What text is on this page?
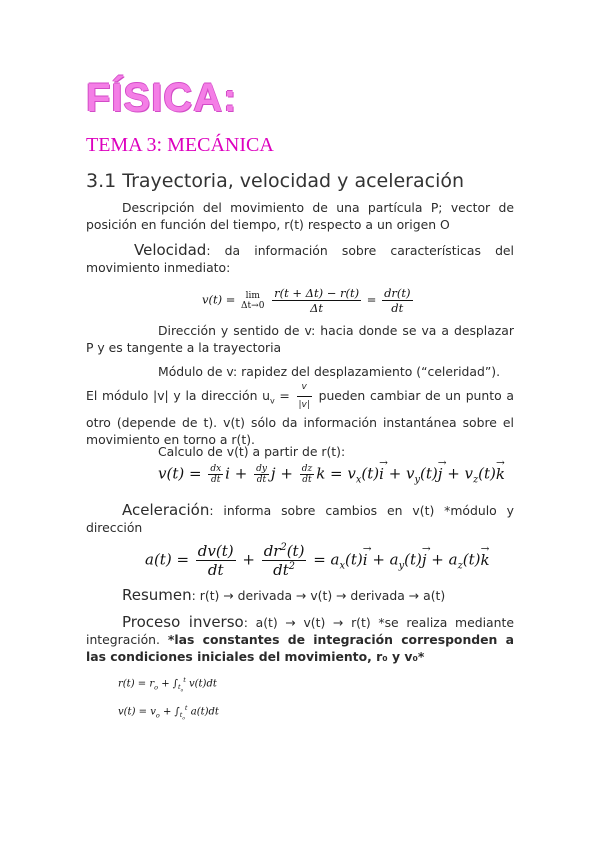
FÍSICA:
TEMA 3: MECÁNICA
3.1 Trayectoria, velocidad y aceleración
Descripción del movimiento de una partícula P; vector de posición en función del tiempo, r(t) respecto a un origen O
Velocidad: da información sobre características del movimiento inmediato:
v(t) = lim
Δt→0
$\frac{r(t + \Delta t) - r(t)}{\Delta t} = \frac{dr(t)}{dt}$
Dirección y sentido de v: hacia donde se va a desplazar P y es tangente a la trayectoria
Módulo de v: rapidez del desplazamiento (“celeridad”).
El módulo |v| y la dirección $u_v = \frac{v}{|v|}$ pueden cambiar de un punto a otro (depende de t). v(t) sólo da información instantánea sobre el movimiento en torno a r(t).
Calculo de v(t) a partir de r(t):
$v(t) = \frac{dx}{dt}$ $i + \frac{dy}{dt}$ $j + \frac{dz}{dt}$ $k = v_x(t)i$ → + $v_y(t)j$ → + $v_z(t)k$ →
Aceleración: informa sobre cambios en v(t) *módulo y dirección
$a(t) = \frac{dv(t)}{dt} + \frac{dr^2(t)}{dt^2} = a_x(t)i$ → + $a_y(t)j$ → + $a_z(t)k$ →
Resumen: r(t) → derivada → v(t) → derivada → a(t)
Proceso inverso: a(t) → v(t) → r(t) *se realiza mediante integración. *las constantes de integración corresponden a las condiciones iniciales del movimiento, r₀ y v₀*
$r(t) = r_o + \int_{t_o}^t$ v(t)dt
$v(t) = v_o + \int_{t_o}^t$ a(t)dt
